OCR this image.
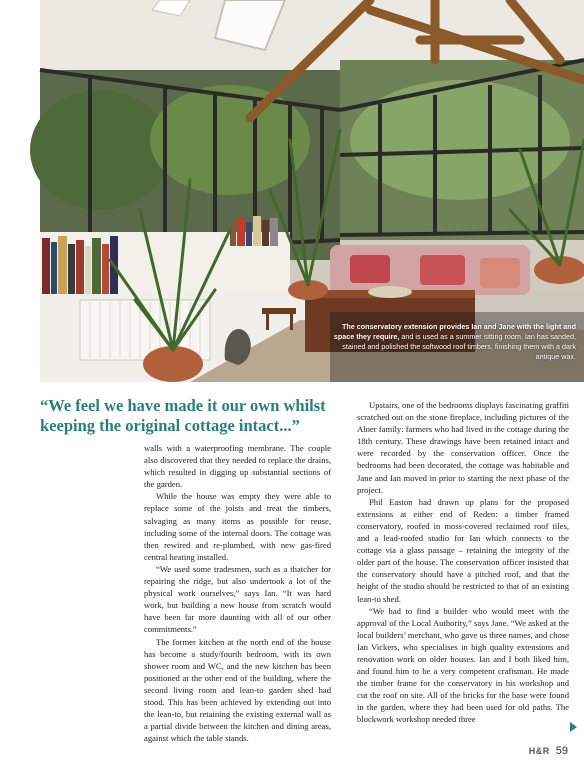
The conservatory extension provides Ian and Jane with the light and space they require, and is used as a summer sitting room. Ian has sanded, stained and polished the softwood roof timbers, finishing them with a dark antique wax.
“We feel we have made it our own whilst keeping the original cottage intact...”

walls with a waterproofing membrane. The couple also discovered that they needed to replace the drains, which resulted in digging up substantial sections of the garden.

While the house was empty they were able to replace some of the joists and treat the timbers, salvaging as many items as possible for reuse, including some of the internal doors. The cottage was then rewired and re-plumbed, with new gas-fired central heating installed.

“We used some tradesmen, such as a thatcher for repairing the ridge, but also undertook a lot of the physical work ourselves,” says Ian. “It was hard work, but building a new house from scratch would have been far more daunting with all of our other commitments.”

The former kitchen at the north end of the house has become a study/fourth bedroom, with its own shower room and WC, and the new kitchen has been positioned at the other end of the building, where the second living room and lean-to garden shed had stood. This has been achieved by extending out into the lean-to, but retaining the existing external wall as a partial divide between the kitchen and dining areas, against which the table stands.

Upstairs, one of the bedrooms displays fascinating graffiti scratched out on the stone fireplace, including pictures of the Alner family: farmers who had lived in the cottage during the 18th century. These drawings have been retained intact and were recorded by the conservation officer. Once the bedrooms had been decorated, the cottage was habitable and Jane and Ian moved in prior to starting the next phase of the project.

Phil Easton had drawn up plans for the proposed extensions at either end of Reden: a timber framed conservatory, roofed in moss-covered reclaimed roof tiles, and a lead-roofed studio for Ian which connects to the cottage via a glass passage – retaining the integrity of the older part of the house. The conservation officer insisted that the conservatory should have a pitched roof, and that the height of the studio should be restricted to that of an existing lean-to shed.

“We had to find a builder who would meet with the approval of the Local Authority,” says Jane. “We asked at the local builders’ merchant, who gave us three names, and chose Ian Vickers, who specialises in high quality extensions and renovation work on older houses. Ian and I both liked him, and found him to be a very competent craftsman. He made the timber frame for the conservatory in his workshop and cut the roof on site. All of the bricks for the base were found in the garden, where they had been used for old paths. The blockwork workshop needed three

H&R 59
